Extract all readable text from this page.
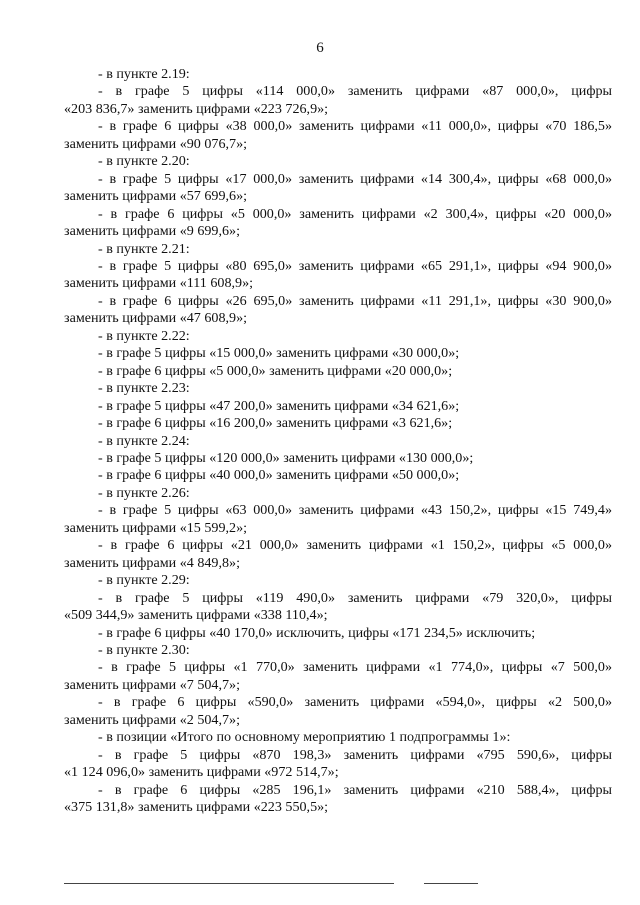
6
- в пункте 2.19:
- в графе 5 цифры «114 000,0» заменить цифрами «87 000,0», цифры
«203 836,7» заменить цифрами «223 726,9»;
- в графе 6 цифры «38 000,0» заменить цифрами «11 000,0», цифры «70 186,5»
заменить цифрами «90 076,7»;
- в пункте 2.20:
- в графе 5 цифры «17 000,0» заменить цифрами «14 300,4», цифры «68 000,0»
заменить цифрами «57 699,6»;
- в графе 6 цифры «5 000,0» заменить цифрами «2 300,4», цифры «20 000,0»
заменить цифрами «9 699,6»;
- в пункте 2.21:
- в графе 5 цифры «80 695,0» заменить цифрами «65 291,1», цифры «94 900,0»
заменить цифрами «111 608,9»;
- в графе 6 цифры «26 695,0» заменить цифрами «11 291,1», цифры «30 900,0»
заменить цифрами «47 608,9»;
- в пункте 2.22:
- в графе 5 цифры «15 000,0» заменить цифрами «30 000,0»;
- в графе 6 цифры «5 000,0» заменить цифрами «20 000,0»;
- в пункте 2.23:
- в графе 5 цифры «47 200,0» заменить цифрами «34 621,6»;
- в графе 6 цифры «16 200,0» заменить цифрами «3 621,6»;
- в пункте 2.24:
- в графе 5 цифры «120 000,0» заменить цифрами «130 000,0»;
- в графе 6 цифры «40 000,0» заменить цифрами «50 000,0»;
- в пункте 2.26:
- в графе 5 цифры «63 000,0» заменить цифрами «43 150,2», цифры «15 749,4»
заменить цифрами «15 599,2»;
- в графе 6 цифры «21 000,0» заменить цифрами «1 150,2», цифры «5 000,0»
заменить цифрами «4 849,8»;
- в пункте 2.29:
- в графе 5 цифры «119 490,0» заменить цифрами «79 320,0», цифры
«509 344,9» заменить цифрами «338 110,4»;
- в графе 6 цифры «40 170,0» исключить, цифры «171 234,5» исключить;
- в пункте 2.30:
- в графе 5 цифры «1 770,0» заменить цифрами «1 774,0», цифры «7 500,0»
заменить цифрами «7 504,7»;
- в графе 6 цифры «590,0» заменить цифрами «594,0», цифры «2 500,0»
заменить цифрами «2 504,7»;
- в позиции «Итого по основному мероприятию 1 подпрограммы 1»:
- в графе 5 цифры «870 198,3» заменить цифрами «795 590,6», цифры
«1 124 096,0» заменить цифрами «972 514,7»;
- в графе 6 цифры «285 196,1» заменить цифрами «210 588,4», цифры
«375 131,8» заменить цифрами «223 550,5»;
